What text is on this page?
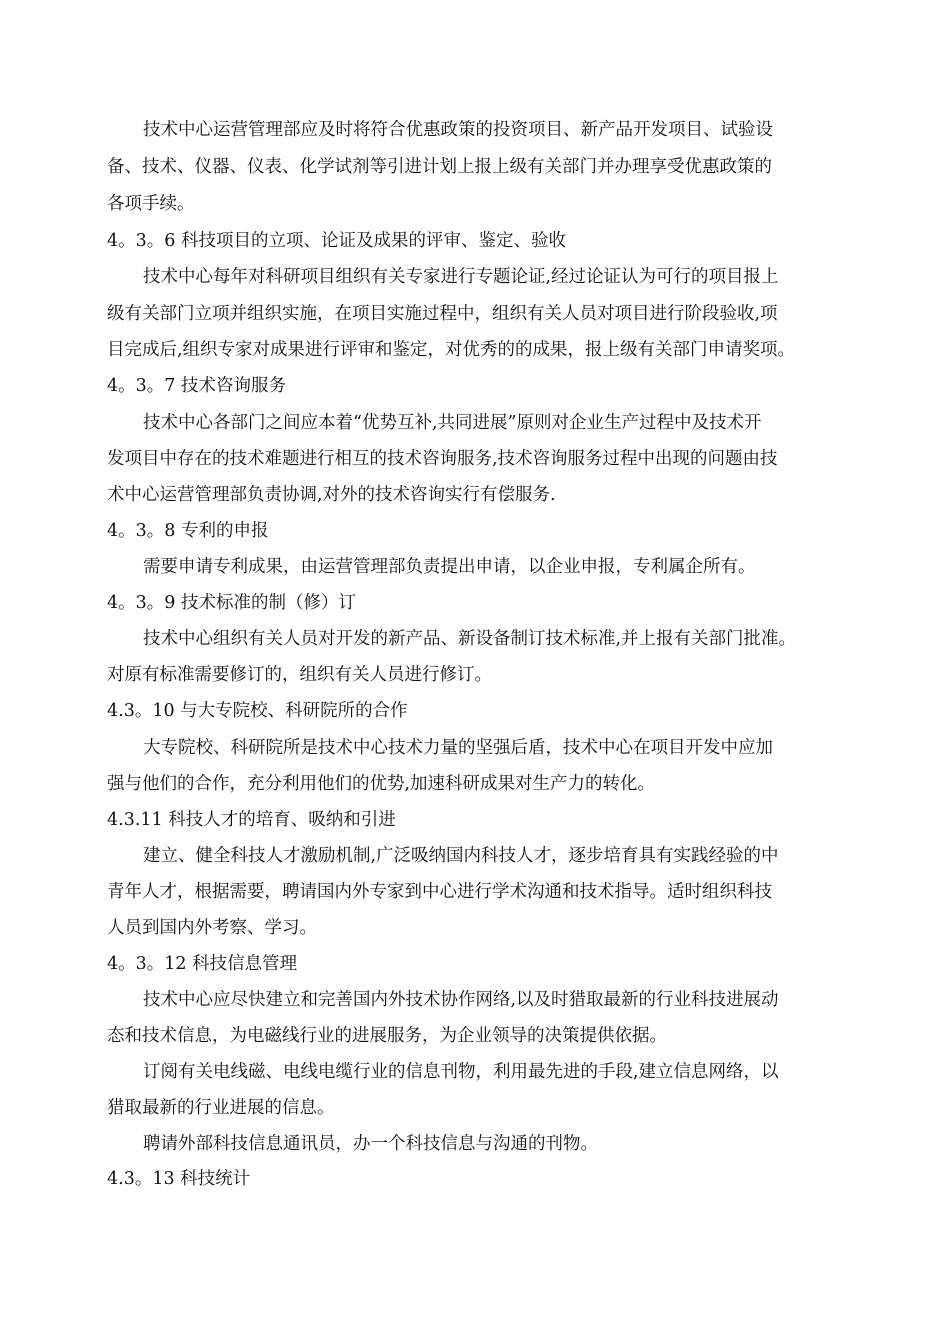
技术中心运营管理部应及时将符合优惠政策的投资项目、新产品开发项目、试验设
备、技术、仪器、仪表、化学试剂等引进计划上报上级有关部门并办理享受优惠政策的
各项手续。
4。3。6 科技项目的立项、论证及成果的评审、鉴定、验收
技术中心每年对科研项目组织有关专家进行专题论证,经过论证认为可行的项目报上
级有关部门立项并组织实施，在项目实施过程中，组织有关人员对项目进行阶段验收,项
目完成后,组织专家对成果进行评审和鉴定，对优秀的的成果，报上级有关部门申请奖项。
4。3。7 技术咨询服务
技术中心各部门之间应本着“优势互补,共同进展”原则对企业生产过程中及技术开
发项目中存在的技术难题进行相互的技术咨询服务,技术咨询服务过程中出现的问题由技
术中心运营管理部负责协调,对外的技术咨询实行有偿服务.
4。3。8 专利的申报
需要申请专利成果，由运营管理部负责提出申请，以企业申报，专利属企所有。
4。3。9 技术标准的制（修）订
技术中心组织有关人员对开发的新产品、新设备制订技术标准,并上报有关部门批准。
对原有标准需要修订的，组织有关人员进行修订。
4.3。10 与大专院校、科研院所的合作
大专院校、科研院所是技术中心技术力量的坚强后盾，技术中心在项目开发中应加
强与他们的合作，充分利用他们的优势,加速科研成果对生产力的转化。
4.3.11 科技人才的培育、吸纳和引进
建立、健全科技人才激励机制,广泛吸纳国内科技人才，逐步培育具有实践经验的中
青年人才，根据需要，聘请国内外专家到中心进行学术沟通和技术指导。适时组织科技
人员到国内外考察、学习。
4。3。12 科技信息管理
技术中心应尽快建立和完善国内外技术协作网络,以及时猎取最新的行业科技进展动
态和技术信息，为电磁线行业的进展服务，为企业领导的决策提供依据。
订阅有关电线磁、电线电缆行业的信息刊物，利用最先进的手段,建立信息网络，以
猎取最新的行业进展的信息。
聘请外部科技信息通讯员，办一个科技信息与沟通的刊物。
4.3。13 科技统计
